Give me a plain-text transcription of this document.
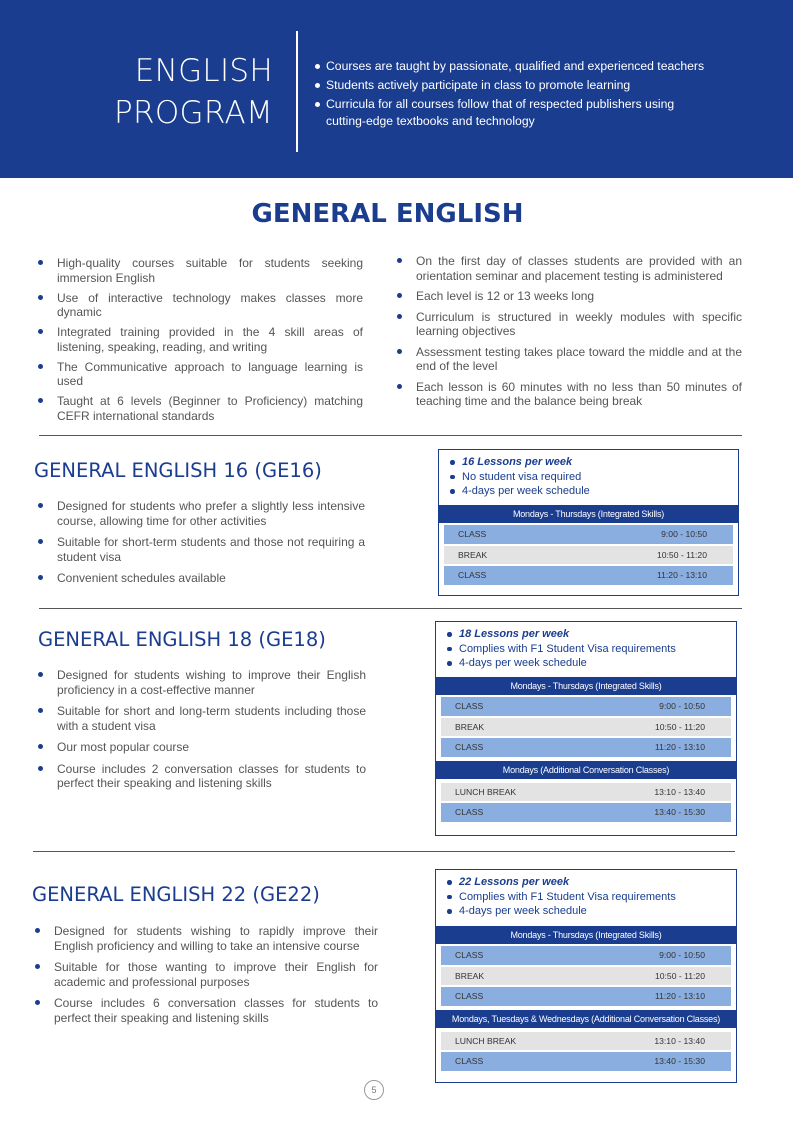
ENGLISH
PROGRAM
Courses are taught by passionate, qualified and experienced teachers
Students actively participate in class to promote learning
Curricula for all courses follow that of respected publishers using cutting-edge textbooks and technology
GENERAL ENGLISH
High-quality courses suitable for students seeking immersion English
Use of interactive technology makes classes more dynamic
Integrated training provided in the 4 skill areas of listening, speaking, reading, and writing
The Communicative approach to language learning is used
Taught at 6 levels (Beginner to Proficiency) matching CEFR international standards
On the first day of classes students are provided with an orientation seminar and placement testing is administered
Each level is 12 or 13 weeks long
Curriculum is structured in weekly modules with specific learning objectives
Assessment testing takes place toward the middle and at the end of the level
Each lesson is 60 minutes with no less than 50 minutes of teaching time and the balance being break
GENERAL ENGLISH 16 (GE16)
Designed for students who prefer a slightly less intensive course, allowing time for other activities
Suitable for short-term students and those not requiring a student visa
Convenient schedules available
16 Lessons per week
No student visa required
4-days per week schedule
Mondays - Thursdays (Integrated Skills)
CLASS	9:00 - 10:50
BREAK	10:50 - 11:20
CLASS	11:20 - 13:10
GENERAL ENGLISH 18 (GE18)
Designed for students wishing to improve their English proficiency in a cost-effective manner
Suitable for short and long-term students including those with a student visa
Our most popular course
Course includes 2 conversation classes for students to perfect their speaking and listening skills
18 Lessons per week
Complies with F1 Student Visa requirements
4-days per week schedule
Mondays - Thursdays (Integrated Skills)
CLASS	9:00 - 10:50
BREAK	10:50 - 11:20
CLASS	11:20 - 13:10
Mondays (Additional Conversation Classes)
LUNCH BREAK	13:10 - 13:40
CLASS	13:40 - 15:30
GENERAL ENGLISH 22 (GE22)
Designed for students wishing to rapidly improve their English proficiency and willing to take an intensive course
Suitable for those wanting to improve their English for academic and professional purposes
Course includes 6 conversation classes for students to perfect their speaking and listening skills
22 Lessons per week
Complies with F1 Student Visa requirements
4-days per week schedule
Mondays - Thursdays (Integrated Skills)
CLASS	9:00 - 10:50
BREAK	10:50 - 11:20
CLASS	11:20 - 13:10
Mondays, Tuesdays & Wednesdays (Additional Conversation Classes)
LUNCH BREAK	13:10 - 13:40
CLASS	13:40 - 15:30
5
